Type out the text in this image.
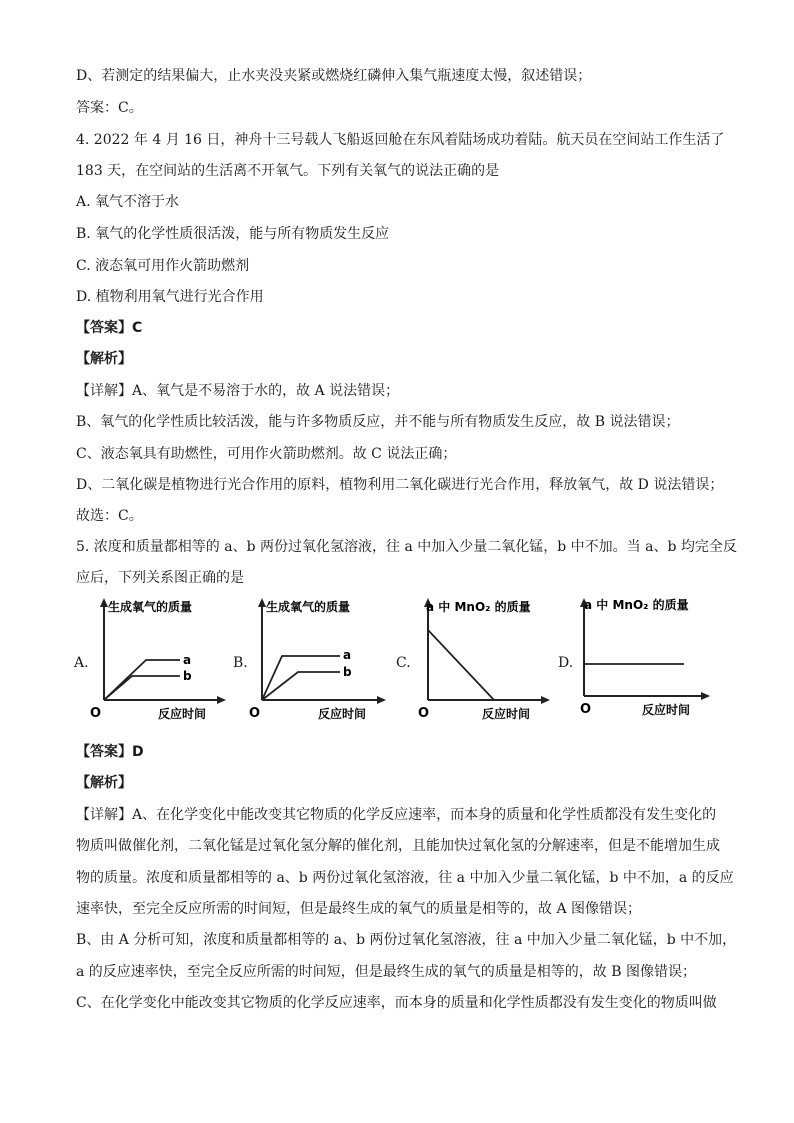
D、若测定的结果偏大，止水夹没夹紧或燃烧红磷伸入集气瓶速度太慢，叙述错误；
答案：C。
4. 2022 年 4 月 16 日，神舟十三号载人飞船返回舱在东风着陆场成功着陆。航天员在空间站工作生活了
183 天，在空间站的生活离不开氧气。下列有关氧气的说法正确的是
A. 氧气不溶于水
B. 氧气的化学性质很活泼，能与所有物质发生反应
C. 液态氧可用作火箭助燃剂
D. 植物利用氧气进行光合作用
【答案】C
【解析】
【详解】A、氧气是不易溶于水的，故 A 说法错误；
B、氧气的化学性质比较活泼，能与许多物质反应，并不能与所有物质发生反应，故 B 说法错误；
C、液态氧具有助燃性，可用作火箭助燃剂。故 C 说法正确；
D、二氧化碳是植物进行光合作用的原料，植物利用二氧化碳进行光合作用，释放氧气，故 D 说法错误；
故选：C。
5. 浓度和质量都相等的 a、b 两份过氧化氢溶液，往 a 中加入少量二氧化锰，b 中不加。当 a、b 均完全反
应后，下列关系图正确的是
A.	a
b
生成氧气的质量
O	反应时间
B.	a
b
生成氧气的质量
O	反应时间
C.
a 中 MnO₂ 的质量
O	反应时间
D.
a 中 MnO₂ 的质量
O	反应时间
【答案】D
【解析】
【详解】A、在化学变化中能改变其它物质的化学反应速率，而本身的质量和化学性质都没有发生变化的
物质叫做催化剂，二氧化锰是过氧化氢分解的催化剂，且能加快过氧化氢的分解速率，但是不能增加生成
物的质量。浓度和质量都相等的 a、b 两份过氧化氢溶液，往 a 中加入少量二氧化锰，b 中不加，a 的反应
速率快，至完全反应所需的时间短，但是最终生成的氧气的质量是相等的，故 A 图像错误；
B、由 A 分析可知，浓度和质量都相等的 a、b 两份过氧化氢溶液，往 a 中加入少量二氧化锰，b 中不加，
a 的反应速率快，至完全反应所需的时间短，但是最终生成的氧气的质量是相等的，故 B 图像错误；
C、在化学变化中能改变其它物质的化学反应速率，而本身的质量和化学性质都没有发生变化的物质叫做
